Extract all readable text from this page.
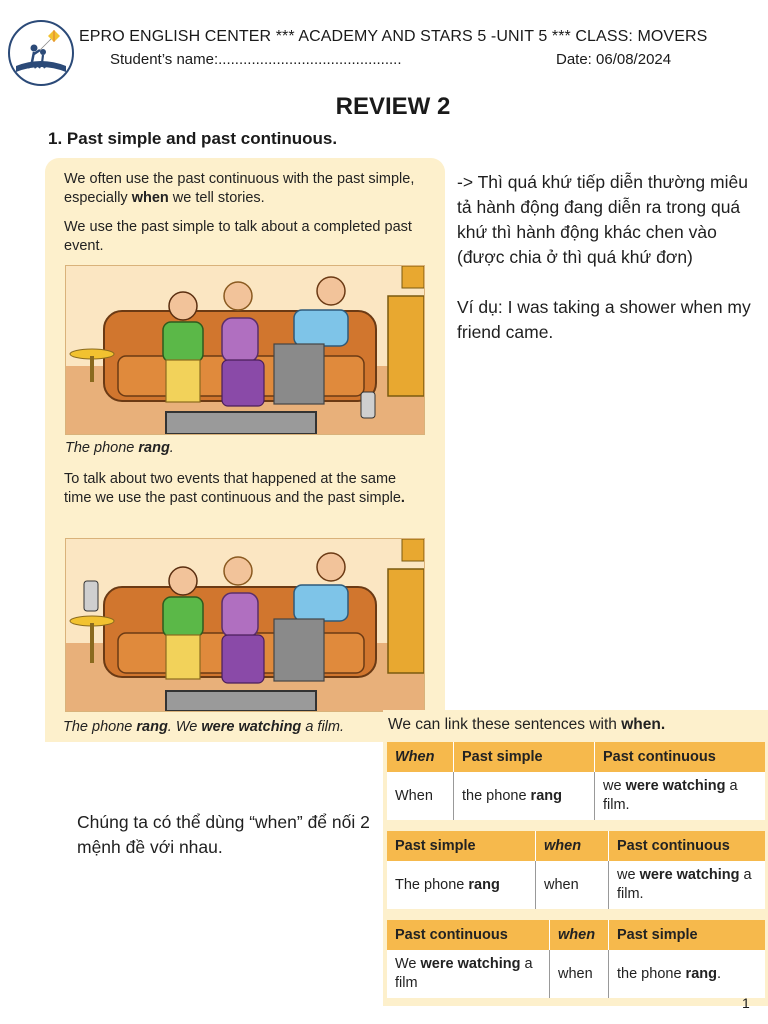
EPRO ENGLISH CENTER *** ACADEMY AND STARS 5 -UNIT 5 *** CLASS: MOVERS
Student’s name:............................................	Date: 06/08/2024
REVIEW 2
1. Past simple and past continuous.
We often use the past continuous with the past simple, especially when we tell stories.
We use the past simple to talk about a completed past event.
The phone rang.
To talk about two events that happened at the same time we use the past continuous and the past simple.
The phone rang. We were watching a film.

-> Thì quá khứ tiếp diễn thường miêu tả hành động đang diễn ra trong quá khứ thì hành động khác chen vào (được chia ở thì quá khứ đơn)

Ví dụ: I was taking a shower when my friend came.

Chúng ta có thể dùng “when” để nối 2 mệnh đề với nhau.
We can link these sentences with when.
When	Past simple	Past continuous
When	the phone rang	we were watching a film.
Past simple	when	Past continuous
The phone rang	when	we were watching a film.
Past continuous	when	Past simple
We were watching a film	when	the phone rang.
1
